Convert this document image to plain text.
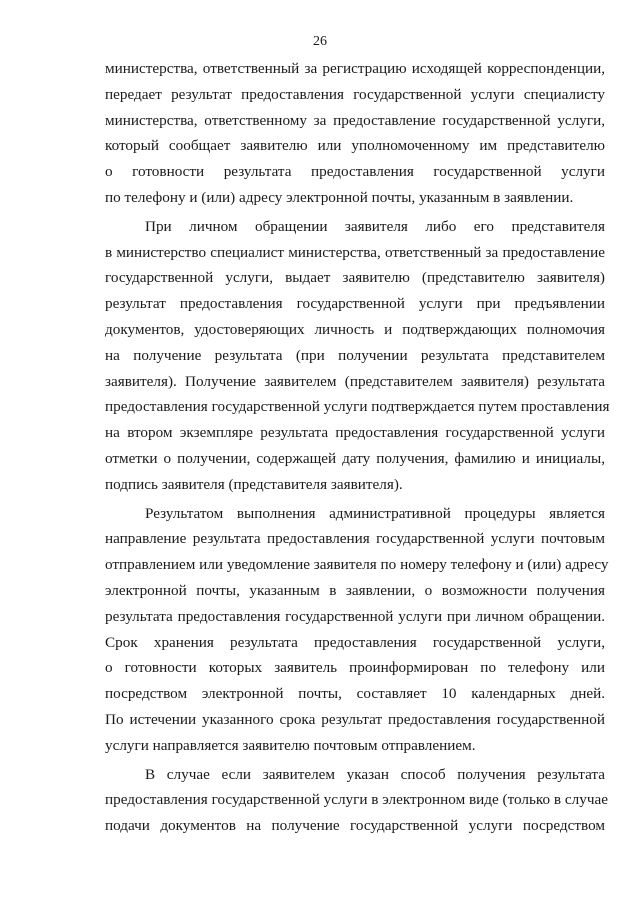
26
министерства, ответственный за регистрацию исходящей корреспонденции,
передает результат предоставления государственной услуги специалисту
министерства, ответственному за предоставление государственной услуги,
который сообщает заявителю или уполномоченному им представителю
о готовности результата предоставления государственной услуги
по телефону и (или) адресу электронной почты, указанным в заявлении.
При личном обращении заявителя либо его представителя
в министерство специалист министерства, ответственный за предоставление
государственной услуги, выдает заявителю (представителю заявителя)
результат предоставления государственной услуги при предъявлении
документов, удостоверяющих личность и подтверждающих полномочия
на получение результата (при получении результата представителем
заявителя). Получение заявителем (представителем заявителя) результата
предоставления государственной услуги подтверждается путем проставления
на втором экземпляре результата предоставления государственной услуги
отметки о получении, содержащей дату получения, фамилию и инициалы,
подпись заявителя (представителя заявителя).
Результатом выполнения административной процедуры является
направление результата предоставления государственной услуги почтовым
отправлением или уведомление заявителя по номеру телефону и (или) адресу
электронной почты, указанным в заявлении, о возможности получения
результата предоставления государственной услуги при личном обращении.
Срок хранения результата предоставления государственной услуги,
о готовности которых заявитель проинформирован по телефону или
посредством электронной почты, составляет 10 календарных дней.
По истечении указанного срока результат предоставления государственной
услуги направляется заявителю почтовым отправлением.
В случае если заявителем указан способ получения результата
предоставления государственной услуги в электронном виде (только в случае
подачи документов на получение государственной услуги посредством
